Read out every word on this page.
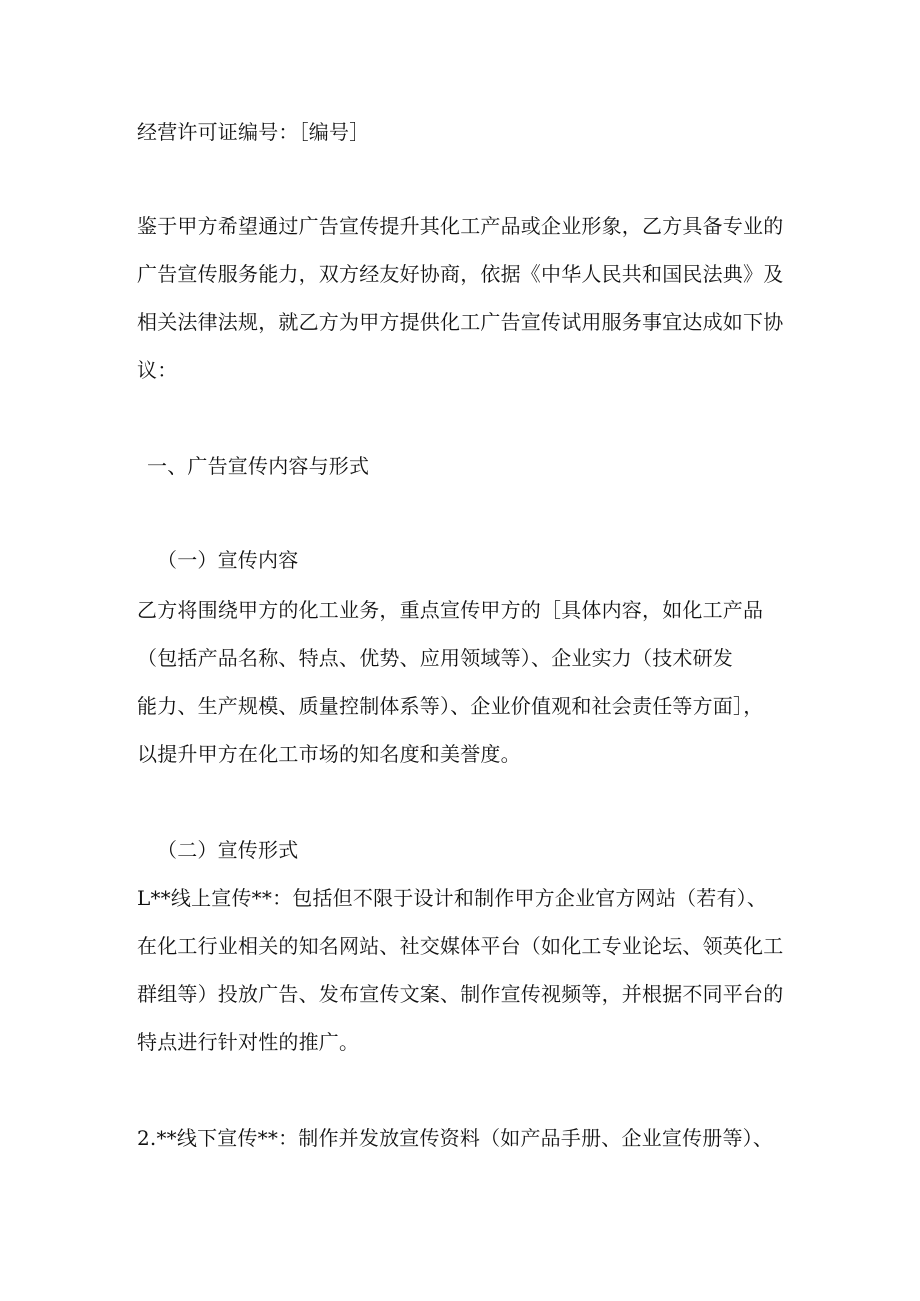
经营许可证编号：［编号］
鉴于甲方希望通过广告宣传提升其化工产品或企业形象，乙方具备专业的
广告宣传服务能力，双方经友好协商，依据《中华人民共和国民法典》及
相关法律法规，就乙方为甲方提供化工广告宣传试用服务事宜达成如下协
议：
一、广告宣传内容与形式
（一）宣传内容
乙方将围绕甲方的化工业务，重点宣传甲方的［具体内容，如化工产品
（包括产品名称、特点、优势、应用领域等）、企业实力（技术研发
能力、生产规模、质量控制体系等）、企业价值观和社会责任等方面］，
以提升甲方在化工市场的知名度和美誉度。
（二）宣传形式
L**线上宣传**：包括但不限于设计和制作甲方企业官方网站（若有）、
在化工行业相关的知名网站、社交媒体平台（如化工专业论坛、领英化工
群组等）投放广告、发布宣传文案、制作宣传视频等，并根据不同平台的
特点进行针对性的推广。
2.**线下宣传**：制作并发放宣传资料（如产品手册、企业宣传册等）、
